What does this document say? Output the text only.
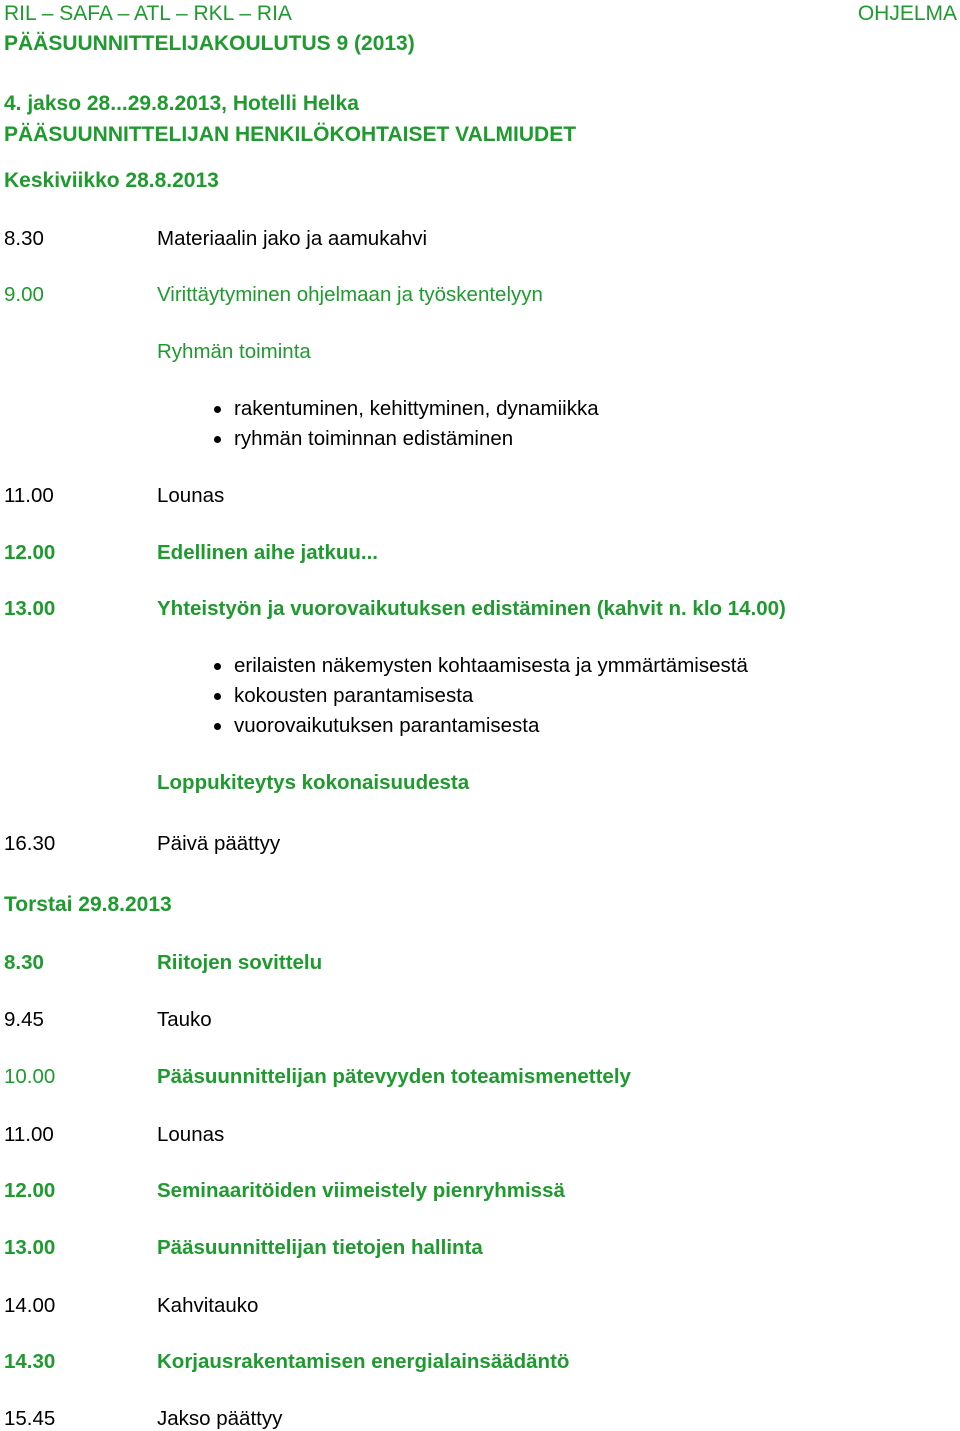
RIL – SAFA – ATL – RKL – RIA	OHJELMA
PÄÄSUUNNITTELIJAKOULUTUS 9 (2013)
4. jakso 28...29.8.2013, Hotelli Helka
PÄÄSUUNNITTELIJAN HENKILÖKOHTAISET VALMIUDET
Keskiviikko 28.8.2013
8.30	Materiaalin jako ja aamukahvi
9.00	Virittäytyminen ohjelmaan ja työskentelyyn
Ryhmän toiminta
rakentuminen, kehittyminen, dynamiikka
ryhmän toiminnan edistäminen
11.00	Lounas
12.00	Edellinen aihe jatkuu...
13.00	Yhteistyön ja vuorovaikutuksen edistäminen (kahvit n. klo 14.00)
erilaisten näkemysten kohtaamisesta ja ymmärtämisestä
kokousten parantamisesta
vuorovaikutuksen parantamisesta
Loppukiteytys kokonaisuudesta
16.30	Päivä päättyy
Torstai 29.8.2013
8.30	Riitojen sovittelu
9.45	Tauko
10.00	Pääsuunnittelijan pätevyyden toteamismenettely
11.00	Lounas
12.00	Seminaaritöiden viimeistely pienryhmissä
13.00	Pääsuunnittelijan tietojen hallinta
14.00	Kahvitauko
14.30	Korjausrakentamisen energialainsäädäntö
15.45	Jakso päättyy
